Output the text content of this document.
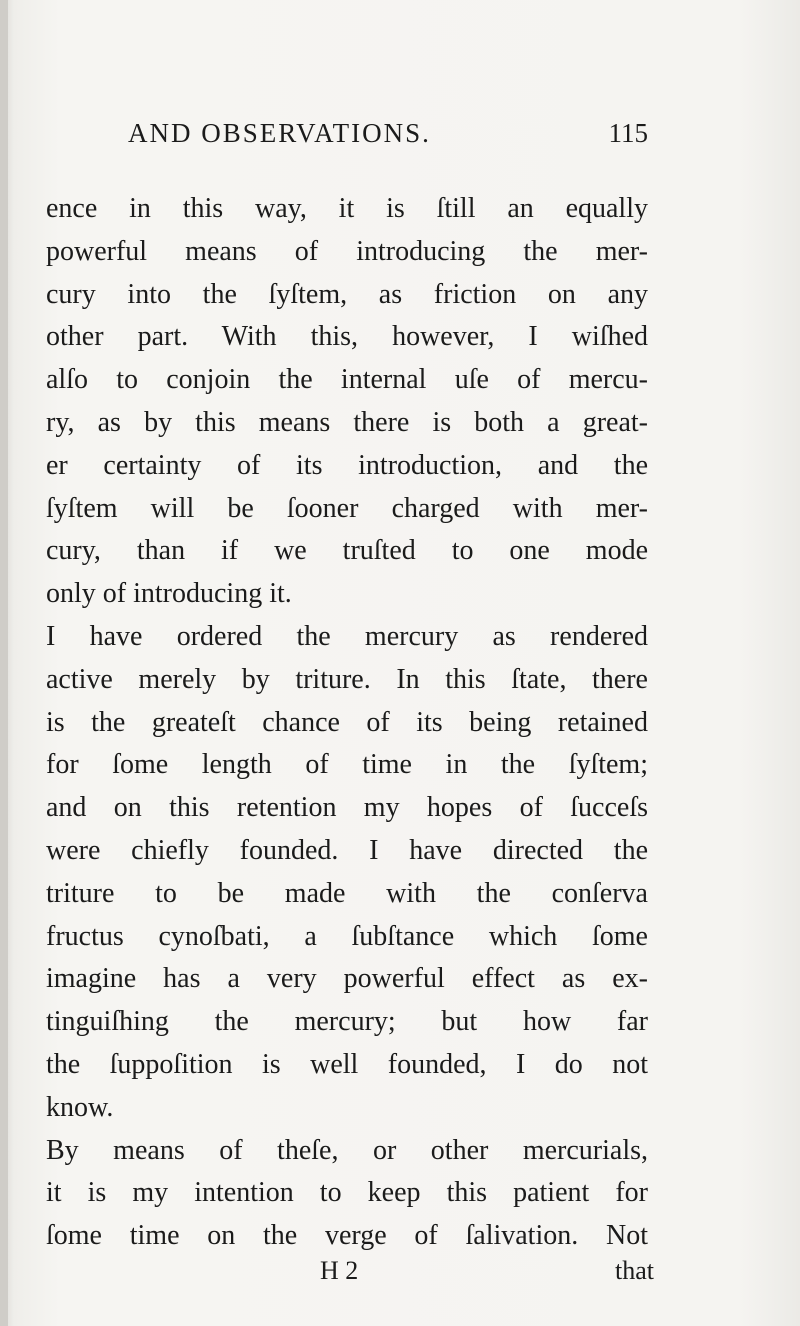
AND OBSERVATIONS.	115
ence in this way, it is ſtill an equally
powerful means of introducing the mer-
cury into the ſyſtem, as friction on any
other part. With this, however, I wiſhed
alſo to conjoin the internal uſe of mercu-
ry, as by this means there is both a great-
er certainty of its introduction, and the
ſyſtem will be ſooner charged with mer-
cury, than if we truſted to one mode
only of introducing it.
I have ordered the mercury as rendered
active merely by triture. In this ſtate, there
is the greateſt chance of its being retained
for ſome length of time in the ſyſtem;
and on this retention my hopes of ſucceſs
were chiefly founded. I have directed the
triture to be made with the conſerva
fructus cynoſbati, a ſubſtance which ſome
imagine has a very powerful effect as ex-
tinguiſhing the mercury; but how far
the ſuppoſition is well founded, I do not
know.
By means of theſe, or other mercurials,
it is my intention to keep this patient for
ſome time on the verge of ſalivation. Not
H 2	that
